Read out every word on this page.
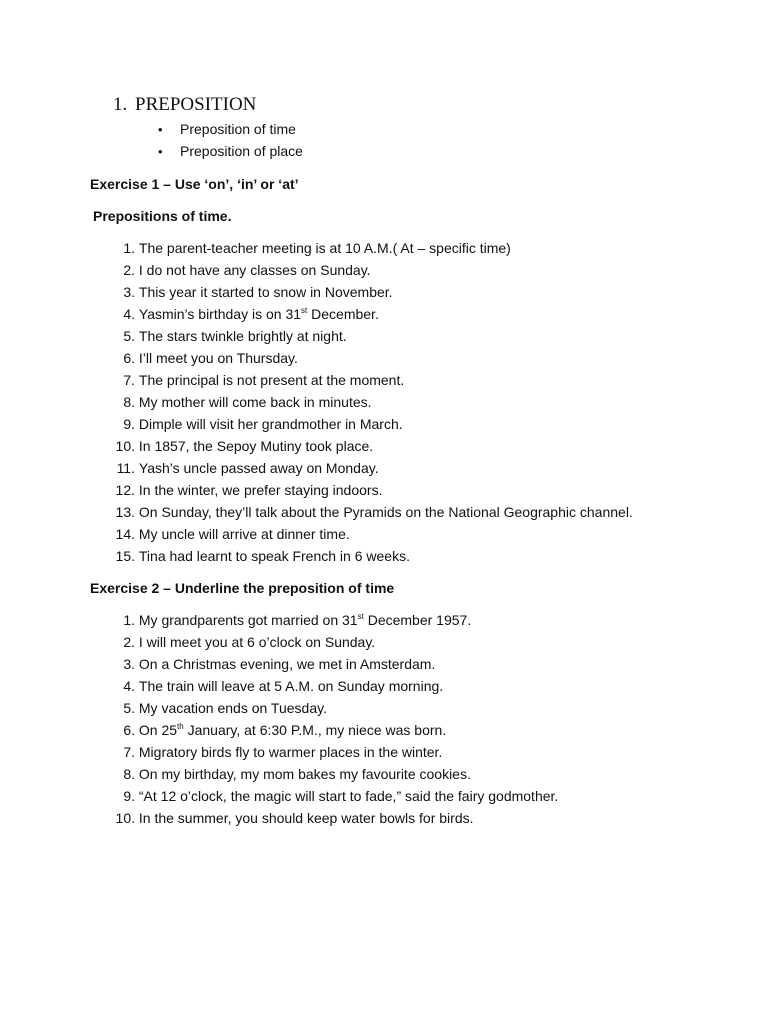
1. PREPOSITION
• Preposition of time
• Preposition of place
Exercise 1 – Use ‘on’, ‘in’ or ‘at’
Prepositions of time.
1. The parent-teacher meeting is at 10 A.M.( At – specific time)
2. I do not have any classes on Sunday.
3. This year it started to snow in November.
4. Yasmin’s birthday is on 31st December.
5. The stars twinkle brightly at night.
6. I’ll meet you on Thursday.
7. The principal is not present at the moment.
8. My mother will come back in minutes.
9. Dimple will visit her grandmother in March.
10. In 1857, the Sepoy Mutiny took place.
11. Yash’s uncle passed away on Monday.
12. In the winter, we prefer staying indoors.
13. On Sunday, they’ll talk about the Pyramids on the National Geographic channel.
14. My uncle will arrive at dinner time.
15. Tina had learnt to speak French in 6 weeks.
Exercise 2 – Underline the preposition of time
1. My grandparents got married on 31st December 1957.
2. I will meet you at 6 o’clock on Sunday.
3. On a Christmas evening, we met in Amsterdam.
4. The train will leave at 5 A.M. on Sunday morning.
5. My vacation ends on Tuesday.
6. On 25th January, at 6:30 P.M., my niece was born.
7. Migratory birds fly to warmer places in the winter.
8. On my birthday, my mom bakes my favourite cookies.
9. “At 12 o’clock, the magic will start to fade,” said the fairy godmother.
10. In the summer, you should keep water bowls for birds.
